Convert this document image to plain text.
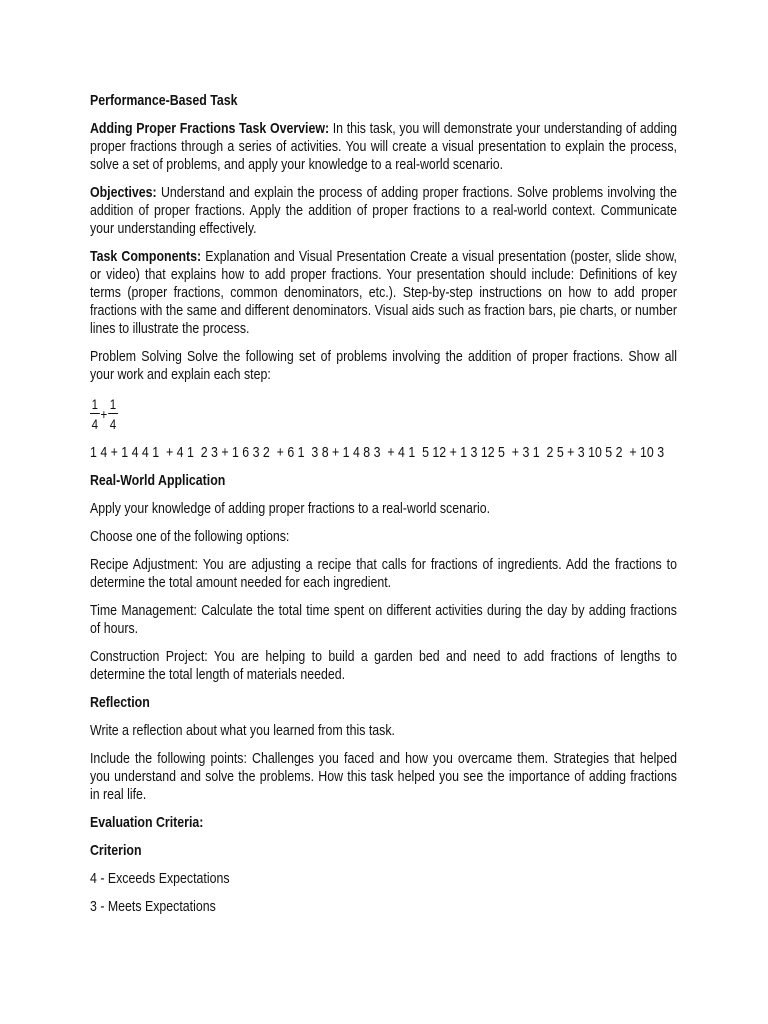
Performance-Based Task

Adding Proper Fractions Task Overview: In this task, you will demonstrate your understanding of adding proper fractions through a series of activities. You will create a visual presentation to explain the process, solve a set of problems, and apply your knowledge to a real-world scenario.

Objectives: Understand and explain the process of adding proper fractions. Solve problems involving the addition of proper fractions. Apply the addition of proper fractions to a real-world context. Communicate your understanding effectively.

Task Components: Explanation and Visual Presentation Create a visual presentation (poster, slide show, or video) that explains how to add proper fractions. Your presentation should include: Definitions of key terms (proper fractions, common denominators, etc.). Step-by-step instructions on how to add proper fractions with the same and different denominators. Visual aids such as fraction bars, pie charts, or number lines to illustrate the process.

Problem Solving Solve the following set of problems involving the addition of proper fractions. Show all your work and explain each step:

$\frac{1}{4} + \frac{1}{4}$

1 4 + 1 4 4 1  + 4 1  2 3 + 1 6 3 2  + 6 1  3 8 + 1 4 8 3  + 4 1  5 12 + 1 3 12 5  + 3 1  2 5 + 3 10 5 2  + 10 3

Real-World Application

Apply your knowledge of adding proper fractions to a real-world scenario.

Choose one of the following options:

Recipe Adjustment: You are adjusting a recipe that calls for fractions of ingredients. Add the fractions to determine the total amount needed for each ingredient.

Time Management: Calculate the total time spent on different activities during the day by adding fractions of hours.

Construction Project: You are helping to build a garden bed and need to add fractions of lengths to determine the total length of materials needed.

Reflection

Write a reflection about what you learned from this task.

Include the following points: Challenges you faced and how you overcame them. Strategies that helped you understand and solve the problems. How this task helped you see the importance of adding fractions in real life.

Evaluation Criteria:

Criterion

4 - Exceeds Expectations

3 - Meets Expectations
